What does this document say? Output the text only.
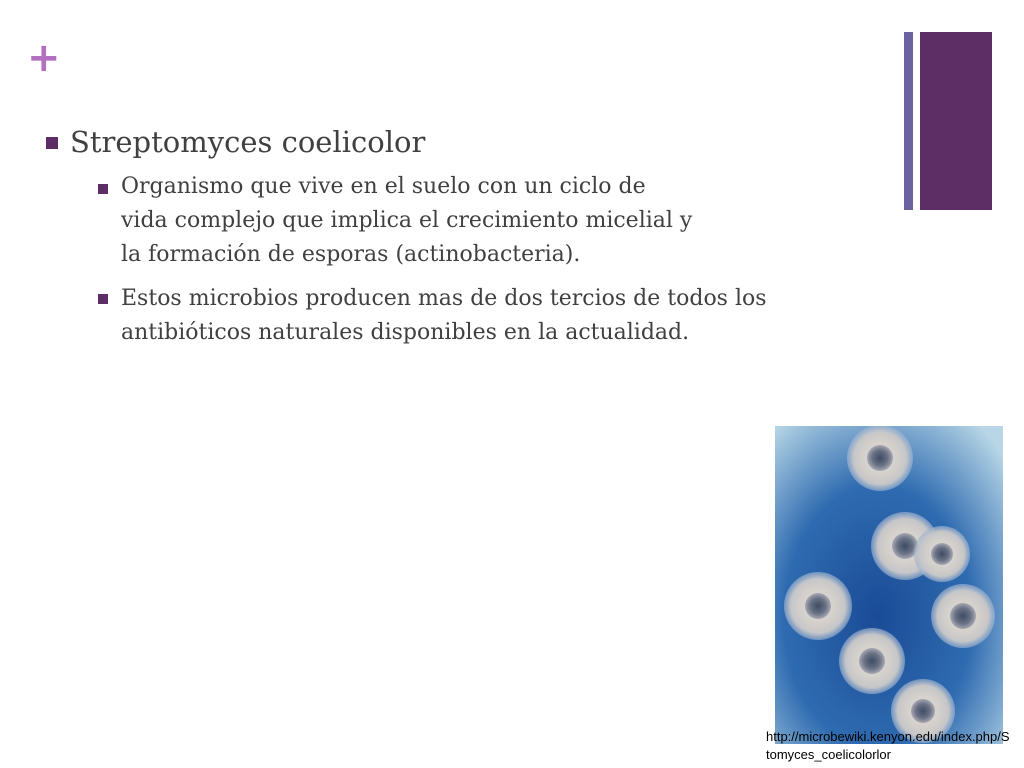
+
Streptomyces coelicolor
Organismo que vive en el suelo con un ciclo de
vida complejo que implica el crecimiento micelial y
la formación de esporas (actinobacteria).
Estos microbios producen mas de dos tercios de todos los
antibióticos naturales disponibles en la actualidad.
http://microbewiki.kenyon.edu/index.php/S
tomyces_coelicolorlor
